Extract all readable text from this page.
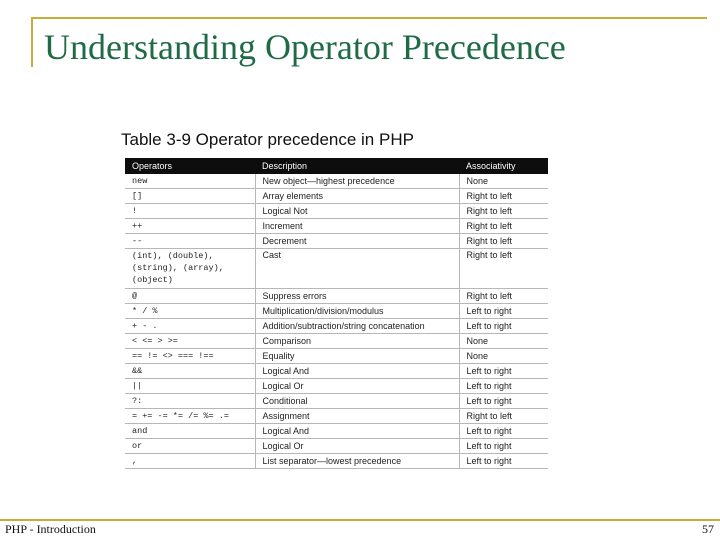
Understanding Operator Precedence
Table 3-9 Operator precedence in PHP
Operators	Description	Associativity
new	New object—highest precedence	None
[]	Array elements	Right to left
!	Logical Not	Right to left
++	Increment	Right to left
--	Decrement	Right to left
(int), (double), (string), (array), (object)	Cast	Right to left
@	Suppress errors	Right to left
* / %	Multiplication/division/modulus	Left to right
+ - .	Addition/subtraction/string concatenation	Left to right
< <= > >=	Comparison	None
== != <> === !==	Equality	None
&&	Logical And	Left to right
||	Logical Or	Left to right
?:	Conditional	Left to right
= += -= *= /= %= .=	Assignment	Right to left
and	Logical And	Left to right
or	Logical Or	Left to right
,	List separator—lowest precedence	Left to right
PHP - Introduction	57
